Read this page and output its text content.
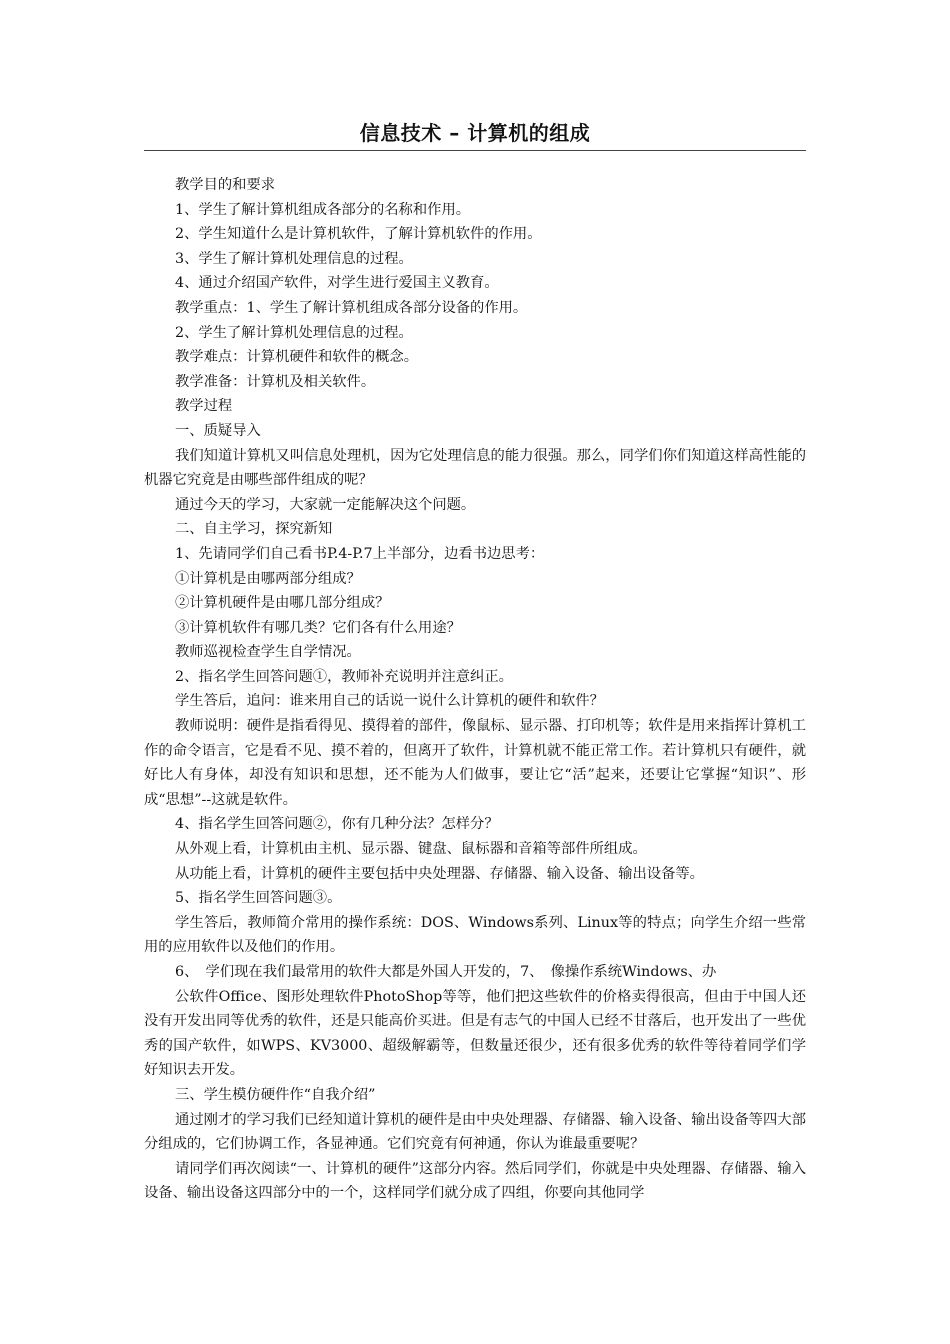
信息技术 – 计算机的组成

教学目的和要求

1、学生了解计算机组成各部分的名称和作用。

2、学生知道什么是计算机软件，了解计算机软件的作用。

3、学生了解计算机处理信息的过程。

4、通过介绍国产软件，对学生进行爱国主义教育。

教学重点：1、学生了解计算机组成各部分设备的作用。

2、学生了解计算机处理信息的过程。

教学难点：计算机硬件和软件的概念。

教学准备：计算机及相关软件。

教学过程

一、质疑导入

我们知道计算机又叫信息处理机，因为它处理信息的能力很强。那么，同学们你们知道这样高性能的机器它究竟是由哪些部件组成的呢？

通过今天的学习，大家就一定能解决这个问题。

二、自主学习，探究新知

1、先请同学们自己看书P.4-P.7上半部分，边看书边思考：

①计算机是由哪两部分组成？

②计算机硬件是由哪几部分组成？

③计算机软件有哪几类？它们各有什么用途？

教师巡视检查学生自学情况。

2、指名学生回答问题①，教师补充说明并注意纠正。

学生答后，追问：谁来用自己的话说一说什么计算机的硬件和软件？

教师说明：硬件是指看得见、摸得着的部件，像鼠标、显示器、打印机等；软件是用来指挥计算机工作的命令语言，它是看不见、摸不着的，但离开了软件，计算机就不能正常工作。若计算机只有硬件，就好比人有身体，却没有知识和思想，还不能为人们做事，要让它“活”起来，还要让它掌握“知识”、形成“思想”--这就是软件。

4、指名学生回答问题②，你有几种分法？怎样分？

从外观上看，计算机由主机、显示器、键盘、鼠标器和音箱等部件所组成。

从功能上看，计算机的硬件主要包括中央处理器、存储器、输入设备、输出设备等。

5、指名学生回答问题③。

学生答后，教师简介常用的操作系统：DOS、Windows系列、Linux等的特点；向学生介绍一些常用的应用软件以及他们的作用。

6、　学们现在我们最常用的软件大都是外国人开发的，7、　像操作系统Windows、办

公软件Office、图形处理软件PhotoShop等等，他们把这些软件的价格卖得很高，但由于中国人还没有开发出同等优秀的软件，还是只能高价买进。但是有志气的中国人已经不甘落后，也开发出了一些优秀的国产软件，如WPS、KV3000、超级解霸等，但数量还很少，还有很多优秀的软件等待着同学们学好知识去开发。

三、学生模仿硬件作“自我介绍”

通过刚才的学习我们已经知道计算机的硬件是由中央处理器、存储器、输入设备、输出设备等四大部分组成的，它们协调工作，各显神通。它们究竟有何神通，你认为谁最重要呢？

请同学们再次阅读“一、计算机的硬件”这部分内容。然后同学们，你就是中央处理器、存储器、输入设备、输出设备这四部分中的一个，这样同学们就分成了四组，你要向其他同学
